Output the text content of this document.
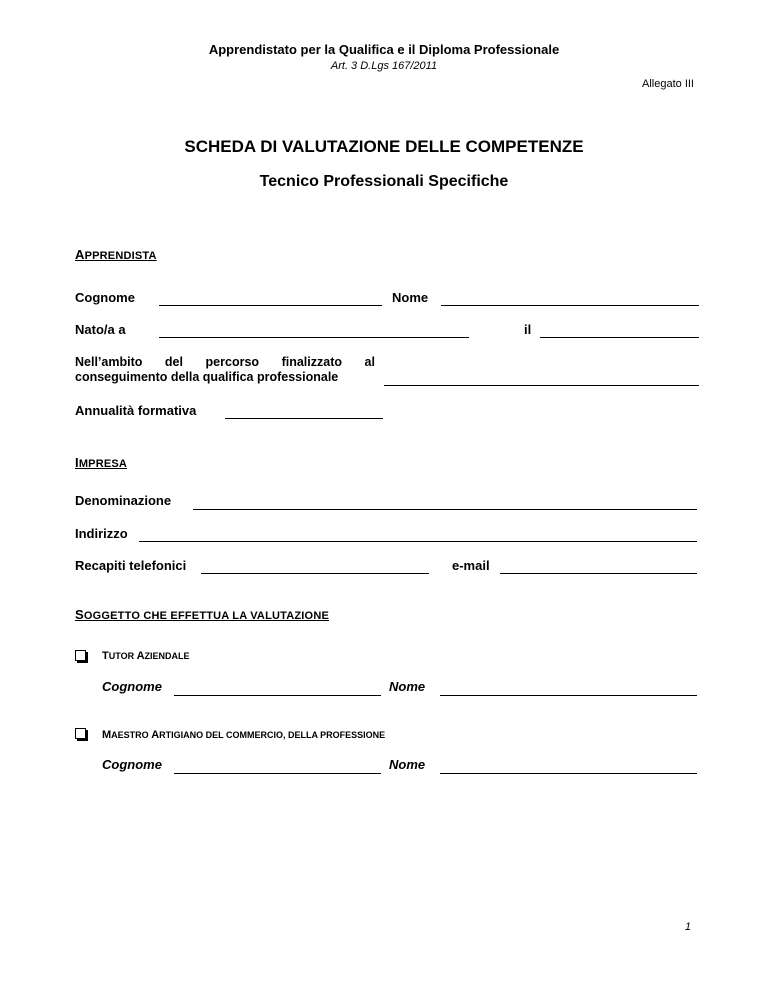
Apprendistato per la Qualifica e il Diploma Professionale
Art. 3 D.Lgs 167/2011
Allegato III
SCHEDA DI VALUTAZIONE DELLE COMPETENZE
Tecnico Professionali Specifiche
APPRENDISTA
Cognome	Nome
Nato/a a	il
Nell’ambito del percorso finalizzato al
conseguimento della qualifica professionale
Annualità formativa
IMPRESA
Denominazione
Indirizzo
Recapiti telefonici	e-mail
SOGGETTO CHE EFFETTUA LA VALUTAZIONE
TUTOR AZIENDALE
Cognome	Nome
MAESTRO ARTIGIANO DEL COMMERCIO, DELLA PROFESSIONE
Cognome	Nome
1
